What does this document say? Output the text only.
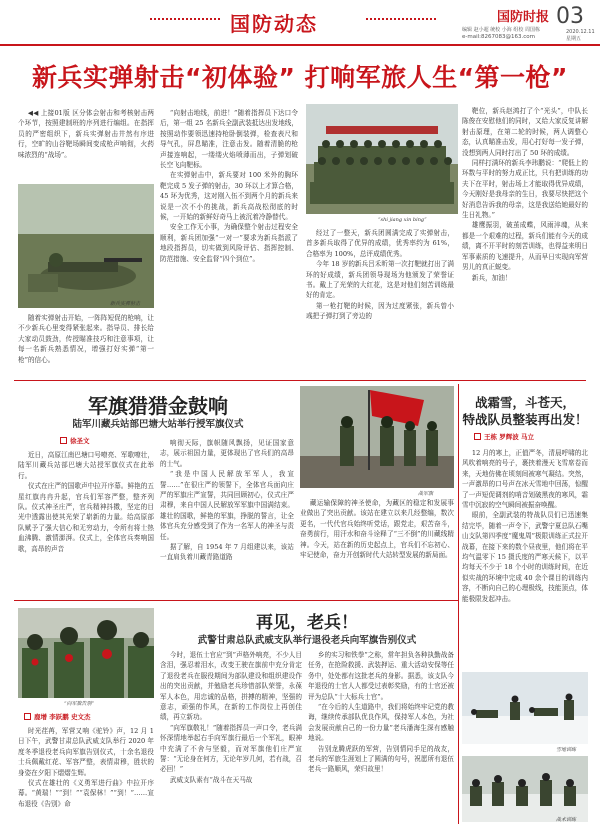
国防动态	国防时报 03
编辑 赵小超 统校 小海 组校 周国栋
e-mail:8267083@163.com
2020.12.11
星期五
新兵实弹射击“初体验” 打响军旅人生“第一枪”

◀◀ 上接01版 区分体会射击和考核射击两个环节，按照建制班的序列进行编组。在指挥员的严密组织下，新兵实弹射击井然有序进行，空旷的山谷靶场瞬间变成枪声响彻，火药味浓烈的“战场”。

新兵实弹射击

随着实弹射击开始，一阵阵短促的枪响，让不少新兵心里变得紧张起来。指导员、排长给大家动员鼓劲，传授瞄准技巧和注意事项，让每一名新兵熟悉情况，增强打好实弹“第一枪”的信心。

“向射击地线，前进！”随着指挥员下达口令后，第一组 25 名新兵全副武装抵达出发地线，按照动作要领迅速持枪卧倒装弹，检查表尺和导气孔，屏息瞄准，注意击发。随着清脆的枪声接连响起，一缕缕火焰喷薄而出，子弹划破长空飞向靶标。

在实弹射击中，新兵要对 100 米外的胸环靶完成 5 发子弹的射击，30 环以上才算合格，45 环为优秀，这对刚入伍不到两个月的新兵来说是一次不小的挑战，新兵高战松彻底的时候，一开始的新鲜好奇马上被沉着冷静替代。

安全工作无小事，为确保整个射击过程安全顺利，新兵团加强“一对一”要求为新兵指派了地段指挥员，切实做到风险评估、指挥控制、防范措施、安全监督“四个到位”。

“shi jiang xin bing”

经过了一整天，新兵团圆满完成了实弹射击，首多新兵取得了优异的成绩，优秀率约为 61%，合格率为 100%，总评成绩优秀。

今年 18 岁的新兵吕禾昕第一次打靶就打出了满环的好成绩，新兵团领导现场为他颁发了荣誉证书。戴上了光荣的大红花，这是对他们刻苦训练最好的肯定。

第一枪打靶的时候，因为过度紧张，新兵曾小彧把子弹打到了旁边的

靶位，新兵赵鸿打了个“光头”，中队长陈俊在安慰他们的同时，又给大家反复讲解射击原理，在第二轮的时候，两人调整心态，认真瞄准击发，用心打好每一发子弹，没想到两人同时打出了 50 环的成绩。

同样打满环的新兵李玮鹏说：“爬低上的环数与平时的努力成正比，只有把训练的功夫下在平时，射击场上才能取得优异成绩，今天刚好是我母亲的生日，我要尽快把这个好消息告诉我的母亲，这是我送给她最好的生日礼物。”

雄鹰振羽，破茧成蝶，风雨淬魂，从来都是一个艰难的过程，新兵们能有今天的成绩，离不开平时的刻苦训练，也得益来明日军事素质的飞速提升，从而早日实现向军营男儿的真正蜕变。

新兵，加油！

军旗猎猎金鼓响
陆军川藏兵站部巴塘大站举行授军旗仪式
徐圣文

近日，高原江南巴塘口号嘹亮、军歌嘹壮，陆军川藏兵站部巴塘大站授军旗仪式在此举行。

仪式在庄严的国歌声中拉开序幕。鲜艳的五星红旗冉冉升起，官兵们军容严整，整齐列队。仪式神圣庄严，官兵精神抖擞，坚定的目光中透露出使其光荣了崭新的力量。给高原部队赋予了强大信心和无穷动力，令所有将士热血沸腾、激情澎湃。仪式上，全体官兵奏响国歌，高昂的声音

响彻天际，旗帜随风飘扬，见证国家意志，展示祖国力量，更体现出了官兵们的高昂的士气。

“我是中国人民解放军军人，我宣誓……”在很庄严的领誓下，全体官兵面向庄严的军旗庄严宣誓，共同回顾初心，仪式庄严肃穆，来自中国人民解放军军旗中国满结束。雄壮的国歌，鲜艳的军旗，挣脱的誓言，让全体官兵充分感受到了作为一名军人的神圣与责任。

据了解，自 1954 年 7 月组建以来，该站一直肩负着川藏青路道路

战军旗

藏运输保障的神圣使命，为藏区的稳定和发展事业做出了突出贡献。该站在建立以来几经整编，数次更名，一代代官兵始终听党话，跟党走，艰苦奋斗，奋勇前行，用汗水和奋斗诠释了“三不倒”的川藏线精神。今天，站在新的历史起点上，官兵们不忘初心、牢记使命，奋力开创新时代大站转型发展的新局面。

战霜雪，斗苍天，
特战队员整装再出发！
王栋 罗辉波 马立

12 月的寒上，正值严冬，清晨呼啸的北风吹着响亮的号子，裹挟着漫天飞雪席卷而来，天地仿佛在顷刻间被寒气凝结。突然，一声激昂的口号声在冰天雪地中回荡，惊醒了一声短促调剂的哨音划破黑夜的寒风，霜雪中沉寂的空气瞬间被振奋唤醒。

眼前，全副武装的特战队员们已迅速集结完毕，随着一声令下，武警宁夏总队石嘴山支队第四季度“魔鬼周”极限训练正式拉开战幕，在接下来的数个昼夜里，他们将在平均气温零下 15 摄氏度的严寒天候下，以平均每天不少于 18 个小时的训练时间，在近似实战的环境中完成 40 余个课目的训练内容，不断向自己的心理极线，技能顶点，体能极限发起冲击。

雪地训练
战术训练
再见，老兵！
武警甘肃总队武威支队举行退役老兵向军旗告别仪式
“向军旗告别”
鹿增 李跃鹏 史文杰

时光荏苒，军营又响《驼铃》声，12 月 1 日下午，武警甘肃总队武威支队举行 2020 年度冬季退役老兵向军旗告别仪式，十余名退役士兵佩戴红花、军容严整，表情肃穆，胜状的身姿在夕阳下熠熠生辉。

仪式在雄壮的《义勇军进行曲》中拉开序幕。“黄瑞！”“到！”“袁保林！”“到！”……宣布退役《告别》命

今时，退伍士官应“到”声格外响亮，不少人目含泪，强忍着泪水，改变王驶在旗前中充分肯定了退役老兵在服役期间为部队建设和组织建设作出的突出贡献，并勉励老兵珍惜部队荣誉，永葆军人本色，用忠诚的品格，拼搏的精神，坚强的意志，顽强的作风，在新的工作岗位上再创佳绩，再立新功。

“向军旗敬礼！”随着指挥员一声口令，老兵满怀深情地举起右手向军旗行最后一个军礼，眼神中充满了不舍与坚毅，而对军旗他们庄严宣誓：“无论身在何方，无论年岁几何，若有战，召必回！”

武威支队素有“战斗在天马故

乡的实习和铁拳”之称，常年担负各种执勤战备任务，在抢险救援、武装押运、重大活动安保等任务中，处处都有这批老兵的身影。据悉，该支队今年退役的士官人人都受过表彰奖励，有的士官还被评为总队“十大标兵士官”。

“在今后的人生道路中，我们将始终牢记党的教诲，继续传承部队优良作风，保持军人本色，为社会发展贡献自己的一份力量”老兵潘海生深有感触地说。

告别龙腾虎跃的军营，告别情同手足的战友，老兵的军旅生涯划上了圆满的句号，祝愿所有退伍老兵一路顺风，荣归故里！
